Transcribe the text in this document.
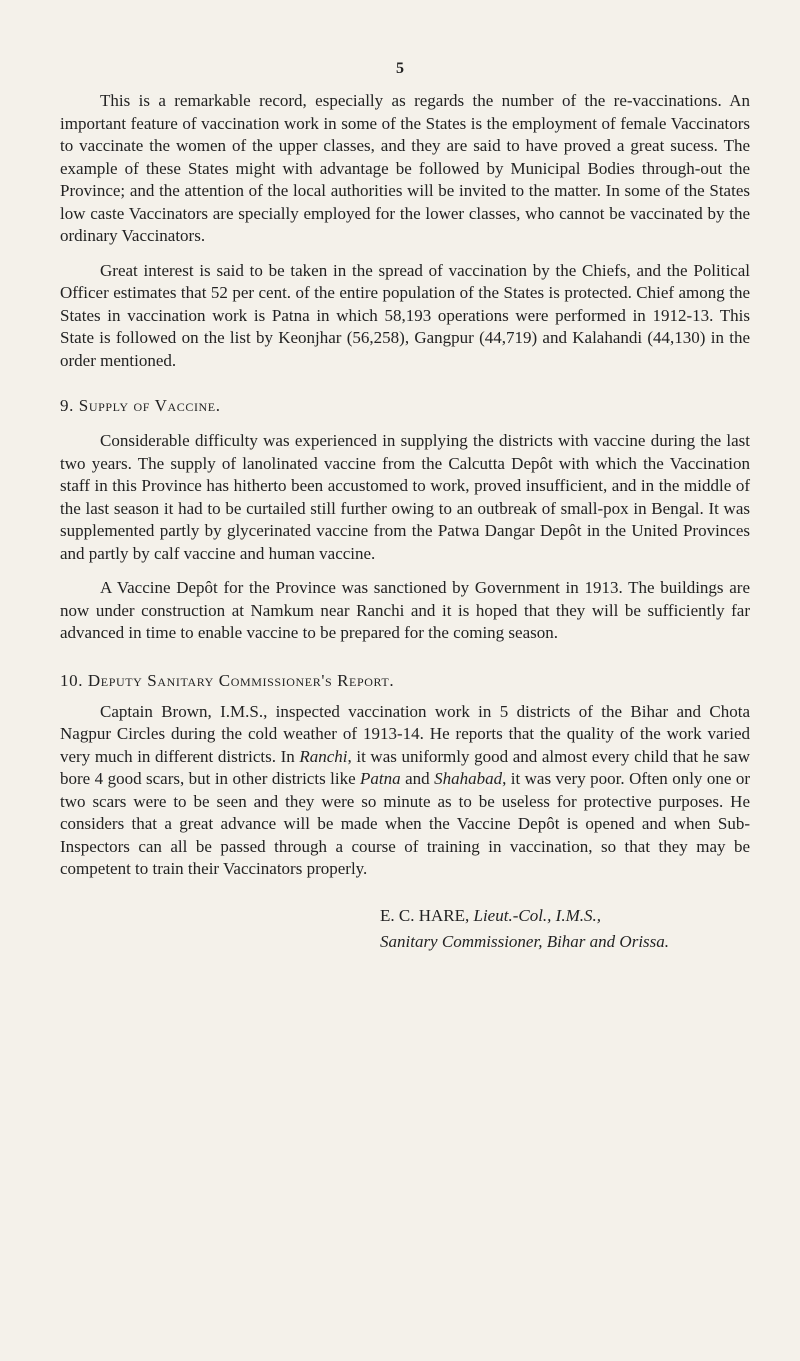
5

This is a remarkable record, especially as regards the number of the re-vaccinations. An important feature of vaccination work in some of the States is the employment of female Vaccinators to vaccinate the women of the upper classes, and they are said to have proved a great sucess. The example of these States might with advantage be followed by Municipal Bodies through-out the Province; and the attention of the local authorities will be invited to the matter. In some of the States low caste Vaccinators are specially employed for the lower classes, who cannot be vaccinated by the ordinary Vaccinators.

Great interest is said to be taken in the spread of vaccination by the Chiefs, and the Political Officer estimates that 52 per cent. of the entire population of the States is protected. Chief among the States in vaccination work is Patna in which 58,193 operations were performed in 1912-13. This State is followed on the list by Keonjhar (56,258), Gangpur (44,719) and Kalahandi (44,130) in the order mentioned.

9. Supply of Vaccine.

Considerable difficulty was experienced in supplying the districts with vaccine during the last two years. The supply of lanolinated vaccine from the Calcutta Depôt with which the Vaccination staff in this Province has hitherto been accustomed to work, proved insufficient, and in the middle of the last season it had to be curtailed still further owing to an outbreak of small-pox in Bengal. It was supplemented partly by glycerinated vaccine from the Patwa Dangar Depôt in the United Provinces and partly by calf vaccine and human vaccine.

A Vaccine Depôt for the Province was sanctioned by Government in 1913. The buildings are now under construction at Namkum near Ranchi and it is hoped that they will be sufficiently far advanced in time to enable vaccine to be prepared for the coming season.

10. Deputy Sanitary Commissioner's Report.

Captain Brown, I.M.S., inspected vaccination work in 5 districts of the Bihar and Chota Nagpur Circles during the cold weather of 1913-14. He reports that the quality of the work varied very much in different districts. In Ranchi, it was uniformly good and almost every child that he saw bore 4 good scars, but in other districts like Patna and Shahabad, it was very poor. Often only one or two scars were to be seen and they were so minute as to be useless for protective purposes. He considers that a great advance will be made when the Vaccine Depôt is opened and when Sub-Inspectors can all be passed through a course of training in vaccination, so that they may be competent to train their Vaccinators properly.

E. C. HARE, Lieut.-Col., I.M.S.,
Sanitary Commissioner, Bihar and Orissa.
